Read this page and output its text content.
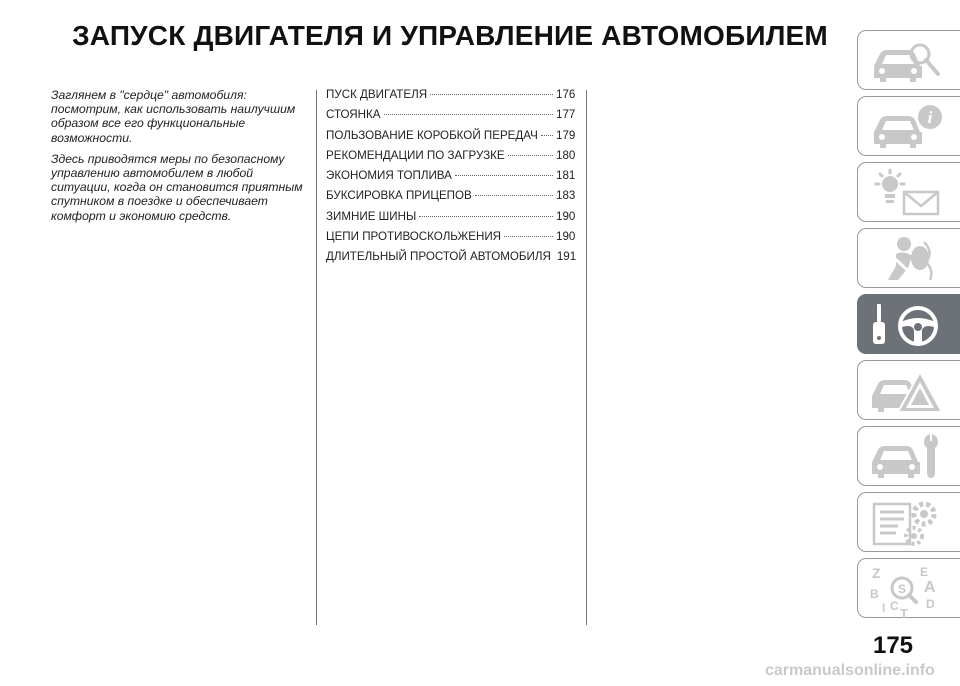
ЗАПУСК ДВИГАТЕЛЯ И УПРАВЛЕНИЕ АВТОМОБИЛЕМ

Заглянем в "сердце" автомобиля: посмотрим, как использовать наилучшим образом все его функциональные возможности.

Здесь приводятся меры по безопасному управлению автомобилем в любой ситуации, когда он становится приятным спутником в поездке и обеспечивает комфорт и экономию средств.

ПУСК ДВИГАТЕЛЯ	176
СТОЯНКА	177
ПОЛЬЗОВАНИЕ КОРОБКОЙ ПЕРЕДАЧ 179
РЕКОМЕНДАЦИИ ПО ЗАГРУЗКЕ	180
ЭКОНОМИЯ ТОПЛИВА	181
БУКСИРОВКА ПРИЦЕПОВ	183
ЗИМНИЕ ШИНЫ	190
ЦЕПИ ПРОТИВОСКОЛЬЖЕНИЯ	190
ДЛИТЕЛЬНЫЙ ПРОСТОЙ АВТОМОБИЛЯ 191
i
Z	E
A
B
D
I C T
S
175
carmanualsonline.info
